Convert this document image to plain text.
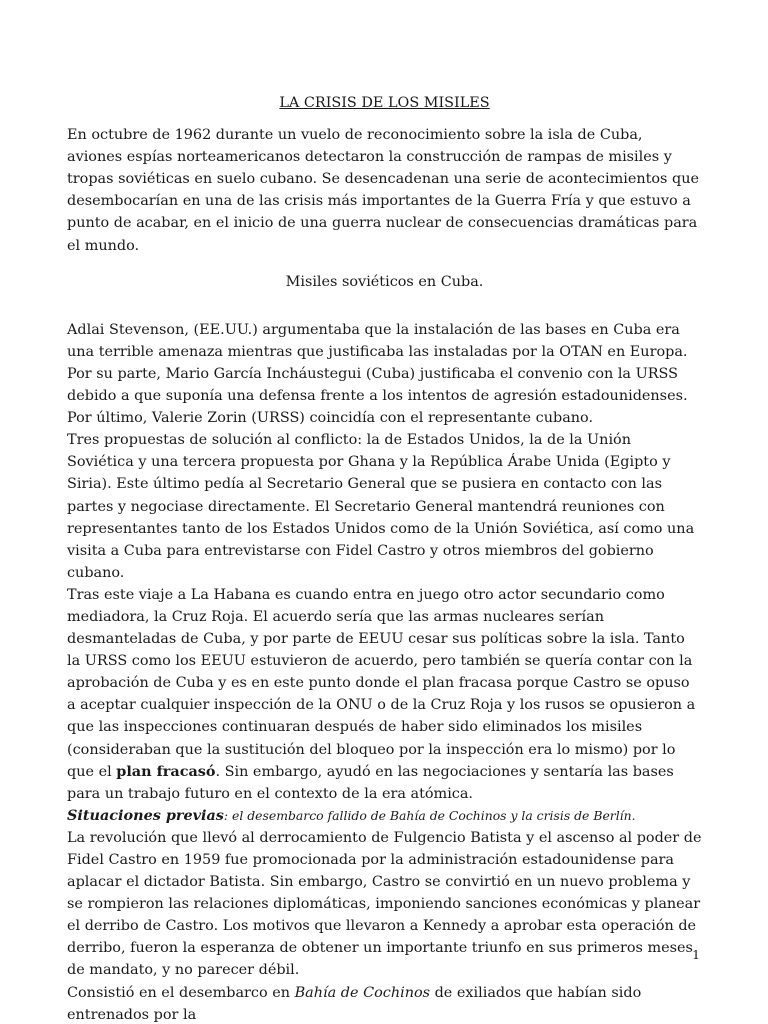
LA CRISIS DE LOS MISILES

En octubre de 1962 durante un vuelo de reconocimiento sobre la isla de Cuba, aviones espías norteamericanos detectaron la construcción de rampas de misiles y tropas soviéticas en suelo cubano. Se desencadenan una serie de acontecimientos que desembocarían en una de las crisis más importantes de la Guerra Fría y que estuvo a punto de acabar, en el inicio de una guerra nuclear de consecuencias dramáticas para el mundo.

Misiles soviéticos en Cuba.

Adlai Stevenson, (EE.UU.) argumentaba que la instalación de las bases en Cuba era una terrible amenaza mientras que justificaba las instaladas por la OTAN en Europa. Por su parte, Mario García Incháustegui (Cuba) justificaba el convenio con la URSS debido a que suponía una defensa frente a los intentos de agresión estadounidenses. Por último, Valerie Zorin (URSS) coincidía con el representante cubano.

Tres propuestas de solución al conflicto: la de Estados Unidos, la de la Unión Soviética y una tercera propuesta por Ghana y la República Árabe Unida (Egipto y Siria). Este último pedía al Secretario General que se pusiera en contacto con las partes y negociase directamente. El Secretario General mantendrá reuniones con representantes tanto de los Estados Unidos como de la Unión Soviética, así como una visita a Cuba para entrevistarse con Fidel Castro y otros miembros del gobierno cubano.

Tras este viaje a La Habana es cuando entra en juego otro actor secundario como mediadora, la Cruz Roja. El acuerdo sería que las armas nucleares serían desmanteladas de Cuba, y por parte de EEUU cesar sus políticas sobre la isla. Tanto la URSS como los EEUU estuvieron de acuerdo, pero también se quería contar con la aprobación de Cuba y es en este punto donde el plan fracasa porque Castro se opuso a aceptar cualquier inspección de la ONU o de la Cruz Roja y los rusos se opusieron a que las inspecciones continuaran después de haber sido eliminados los misiles (consideraban que la sustitución del bloqueo por la inspección era lo mismo) por lo que el plan fracasó. Sin embargo, ayudó en las negociaciones y sentaría las bases para un trabajo futuro en el contexto de la era atómica.

Situaciones previas: el desembarco fallido de Bahía de Cochinos y la crisis de Berlín.

La revolución que llevó al derrocamiento de Fulgencio Batista y el ascenso al poder de Fidel Castro en 1959 fue promocionada por la administración estadounidense para aplacar el dictador Batista. Sin embargo, Castro se convirtió en un nuevo problema y se rompieron las relaciones diplomáticas, imponiendo sanciones económicas y planear el derribo de Castro. Los motivos que llevaron a Kennedy a aprobar esta operación de derribo, fueron la esperanza de obtener un importante triunfo en sus primeros meses de mandato, y no parecer débil.

Consistió en el desembarco en Bahía de Cochinos de exiliados que habían sido entrenados por la

1
